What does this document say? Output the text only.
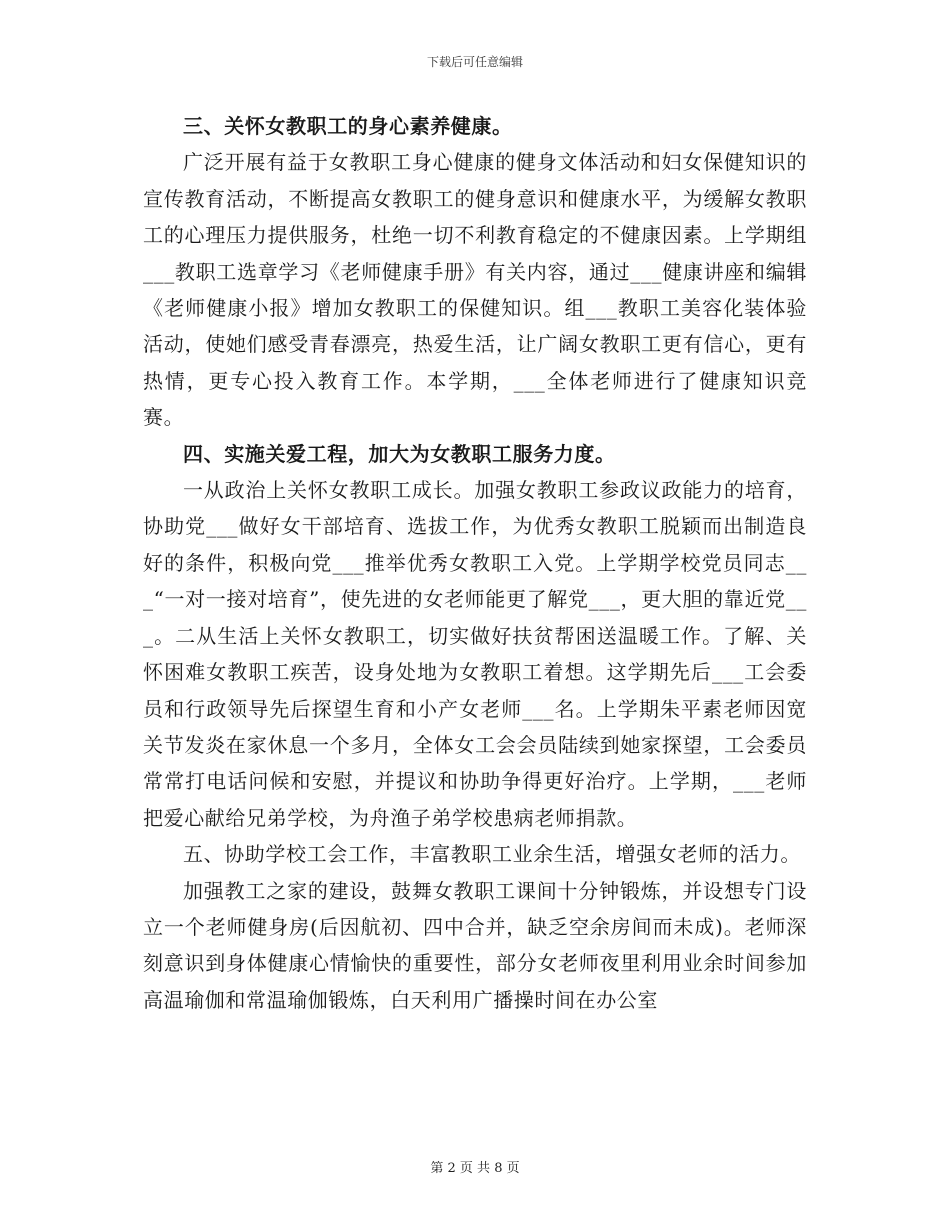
下载后可任意编辑

三、关怀女教职工的身心素养健康。

广泛开展有益于女教职工身心健康的健身文体活动和妇女保健知识的宣传教育活动，不断提高女教职工的健身意识和健康水平，为缓解女教职工的心理压力提供服务，杜绝一切不利教育稳定的不健康因素。上学期组___教职工选章学习《老师健康手册》有关内容，通过___健康讲座和编辑《老师健康小报》增加女教职工的保健知识。组___教职工美容化装体验活动，使她们感受青春漂亮，热爱生活，让广阔女教职工更有信心，更有热情，更专心投入教育工作。本学期，___全体老师进行了健康知识竞赛。

四、实施关爱工程，加大为女教职工服务力度。

一从政治上关怀女教职工成长。加强女教职工参政议政能力的培育，协助党___做好女干部培育、选拔工作，为优秀女教职工脱颖而出制造良好的条件，积极向党___推举优秀女教职工入党。上学期学校党员同志___“一对一接对培育”，使先进的女老师能更了解党___，更大胆的靠近党___。二从生活上关怀女教职工，切实做好扶贫帮困送温暖工作。了解、关怀困难女教职工疾苦，设身处地为女教职工着想。这学期先后___工会委员和行政领导先后探望生育和小产女老师___名。上学期朱平素老师因宽关节发炎在家休息一个多月，全体女工会会员陆续到她家探望，工会委员常常打电话问候和安慰，并提议和协助争得更好治疗。上学期，___老师把爱心献给兄弟学校，为舟渔子弟学校患病老师捐款。

五、协助学校工会工作，丰富教职工业余生活，增强女老师的活力。

加强教工之家的建设，鼓舞女教职工课间十分钟锻炼，并设想专门设立一个老师健身房(后因航初、四中合并，缺乏空余房间而未成)。老师深刻意识到身体健康心情愉快的重要性，部分女老师夜里利用业余时间参加高温瑜伽和常温瑜伽锻炼，白天利用广播操时间在办公室

第 2 页 共 8 页
